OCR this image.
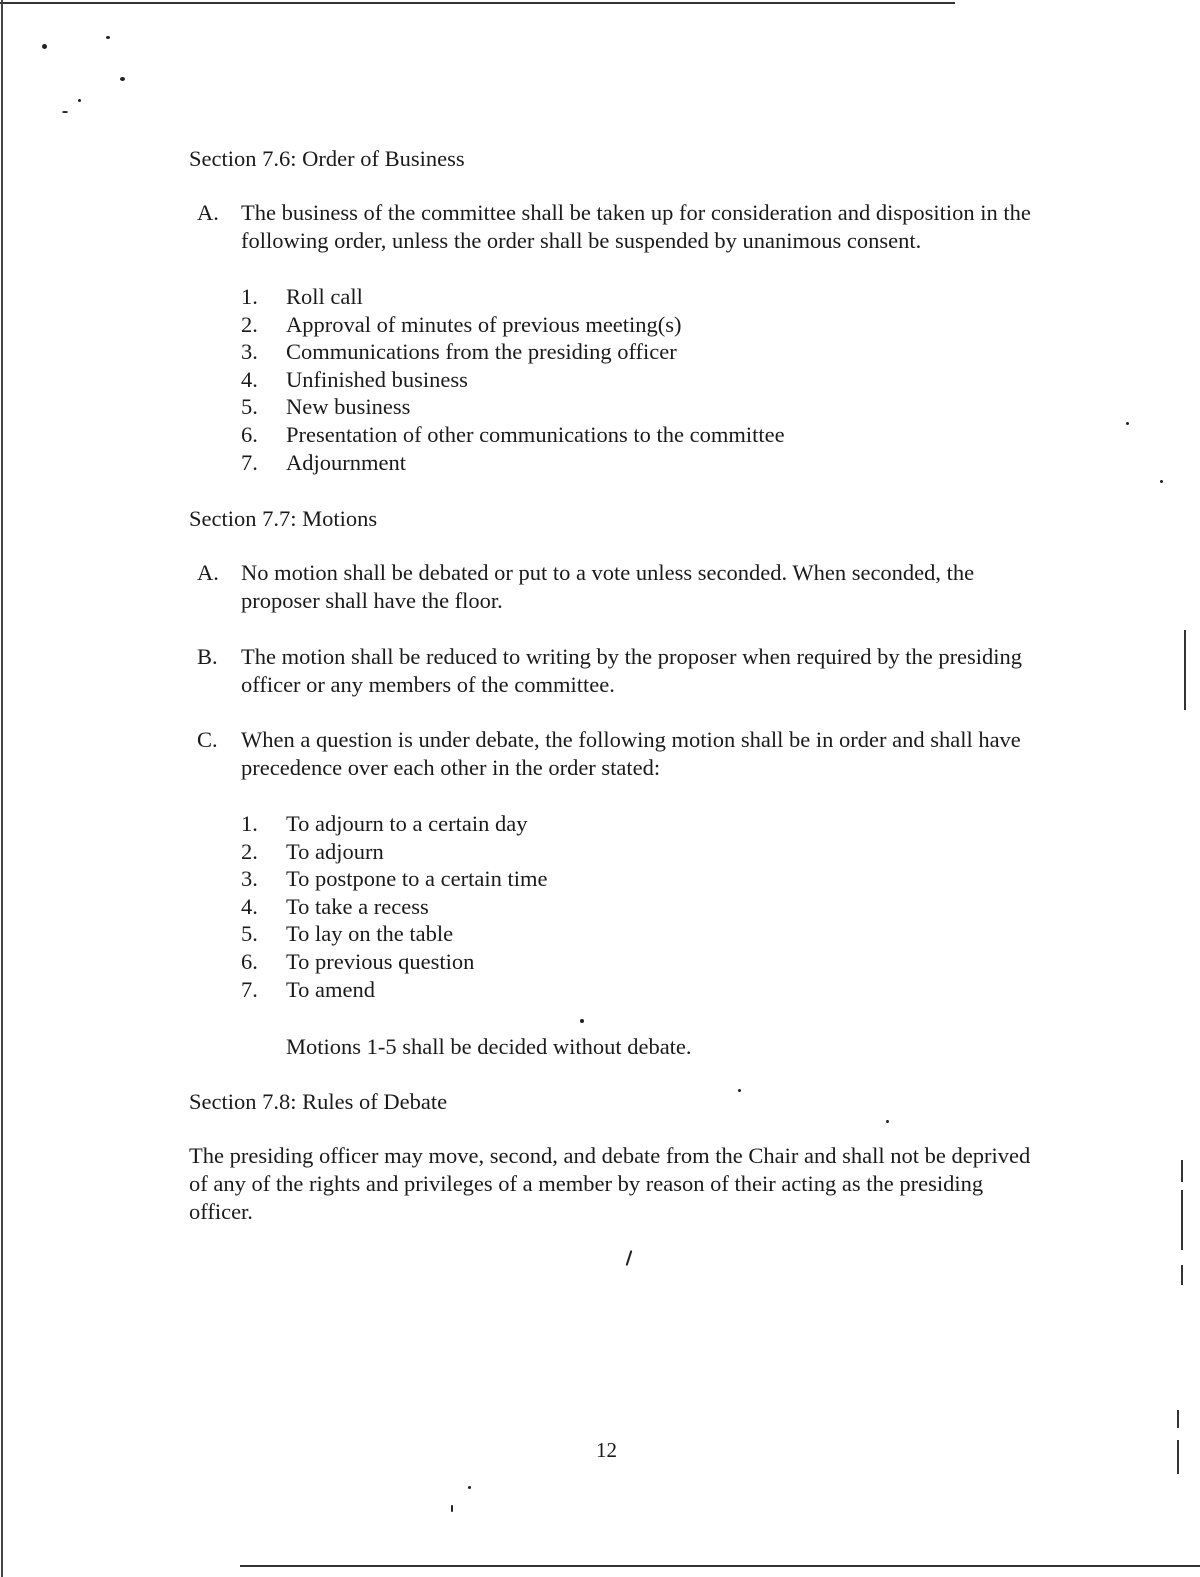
Section 7.6: Order of Business
A. The business of the committee shall be taken up for consideration and disposition in the following order, unless the order shall be suspended by unanimous consent.
1. Roll call
2. Approval of minutes of previous meeting(s)
3. Communications from the presiding officer
4. Unfinished business
5. New business
6. Presentation of other communications to the committee
7. Adjournment
Section 7.7: Motions
A. No motion shall be debated or put to a vote unless seconded. When seconded, the proposer shall have the floor.
B. The motion shall be reduced to writing by the proposer when required by the presiding officer or any members of the committee.
C. When a question is under debate, the following motion shall be in order and shall have precedence over each other in the order stated:
1. To adjourn to a certain day
2. To adjourn
3. To postpone to a certain time
4. To take a recess
5. To lay on the table
6. To previous question
7. To amend
Motions 1-5 shall be decided without debate.
Section 7.8: Rules of Debate
The presiding officer may move, second, and debate from the Chair and shall not be deprived of any of the rights and privileges of a member by reason of their acting as the presiding officer.
12
